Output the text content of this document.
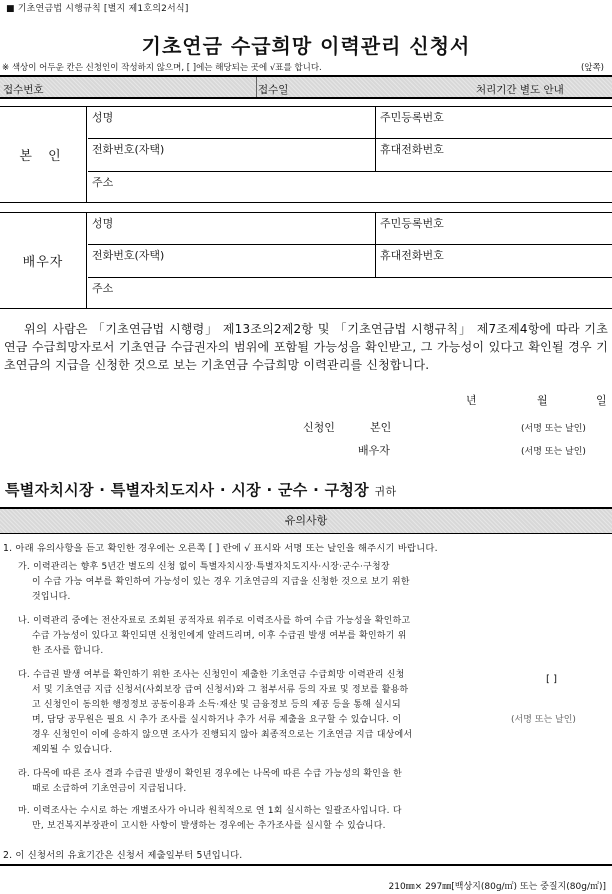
■ 기초연금법 시행규칙 [별지 제1호의2서식]
기초연금 수급희망 이력관리 신청서
※ 색상이 어두운 칸은 신청인이 작성하지 않으며, [ ]에는 해당되는 곳에 √표를 합니다.	(앞쪽)
접수번호	접수일	처리기간 별도 안내
본 인
성명	주민등록번호
전화번호(자택)	휴대전화번호
주소
배우자
성명	주민등록번호
전화번호(자택)	휴대전화번호
주소
위의 사람은 「기초연금법 시행령」 제13조의2제2항 및 「기초연금법 시행규칙」 제7조제4항에 따라 기초연금 수급희망자로서 기초연금 수급권자의 범위에 포함될 가능성을 확인받고, 그 가능성이 있다고 확인될 경우 기초연금의 지급을 신청한 것으로 보는 기초연금 수급희망 이력관리를 신청합니다.
년	월	일
신청인	본인	(서명 또는 날인)
배우자	(서명 또는 날인)
특별자치시장 · 특별자치도지사 · 시장 · 군수 · 구청장 귀하
유의사항
1. 아래 유의사항을 듣고 확인한 경우에는 오른쪽 [ ] 란에 √ 표시와 서명 또는 날인을 해주시기 바랍니다.
가. 이력관리는 향후 5년간 별도의 신청 없이 특별자치시장·특별자치도지사·시장·군수·구청장
이 수급 가능 여부를 확인하여 가능성이 있는 경우 기초연금의 지급을 신청한 것으로 보기 위한
것입니다.
나. 이력관리 중에는 전산자료로 조회된 공적자료 위주로 이력조사를 하여 수급 가능성을 확인하고
수급 가능성이 있다고 확인되면 신청인에게 알려드리며, 이후 수급권 발생 여부를 확인하기 위
한 조사를 합니다.
다. 수급권 발생 여부를 확인하기 위한 조사는 신청인이 제출한 기초연금 수급희망 이력관리 신청
서 및 기초연금 지급 신청서(사회보장 급여 신청서)와 그 첨부서류 등의 자료 및 정보를 활용하
고 신청인이 동의한 행정정보 공동이용과 소득·재산 및 금융정보 등의 제공 등을 통해 실시되
며, 담당 공무원은 필요 시 추가 조사를 실시하거나 추가 서류 제출을 요구할 수 있습니다. 이
경우 신청인이 이에 응하지 않으면 조사가 진행되지 않아 최종적으로는 기초연금 지급 대상에서
제외될 수 있습니다.
[ ]
(서명 또는 날인)
라. 다목에 따른 조사 결과 수급권 발생이 확인된 경우에는 나목에 따른 수급 가능성의 확인을 한
때로 소급하여 기초연금이 지급됩니다.
마. 이력조사는 수시로 하는 개별조사가 아니라 원칙적으로 연 1회 실시하는 일괄조사입니다. 다
만, 보건복지부장관이 고시한 사항이 발생하는 경우에는 추가조사를 실시할 수 있습니다.
2. 이 신청서의 유효기간은 신청서 제출일부터 5년입니다.
210㎜× 297㎜[백상지(80g/㎡) 또는 중질지(80g/㎡)]
